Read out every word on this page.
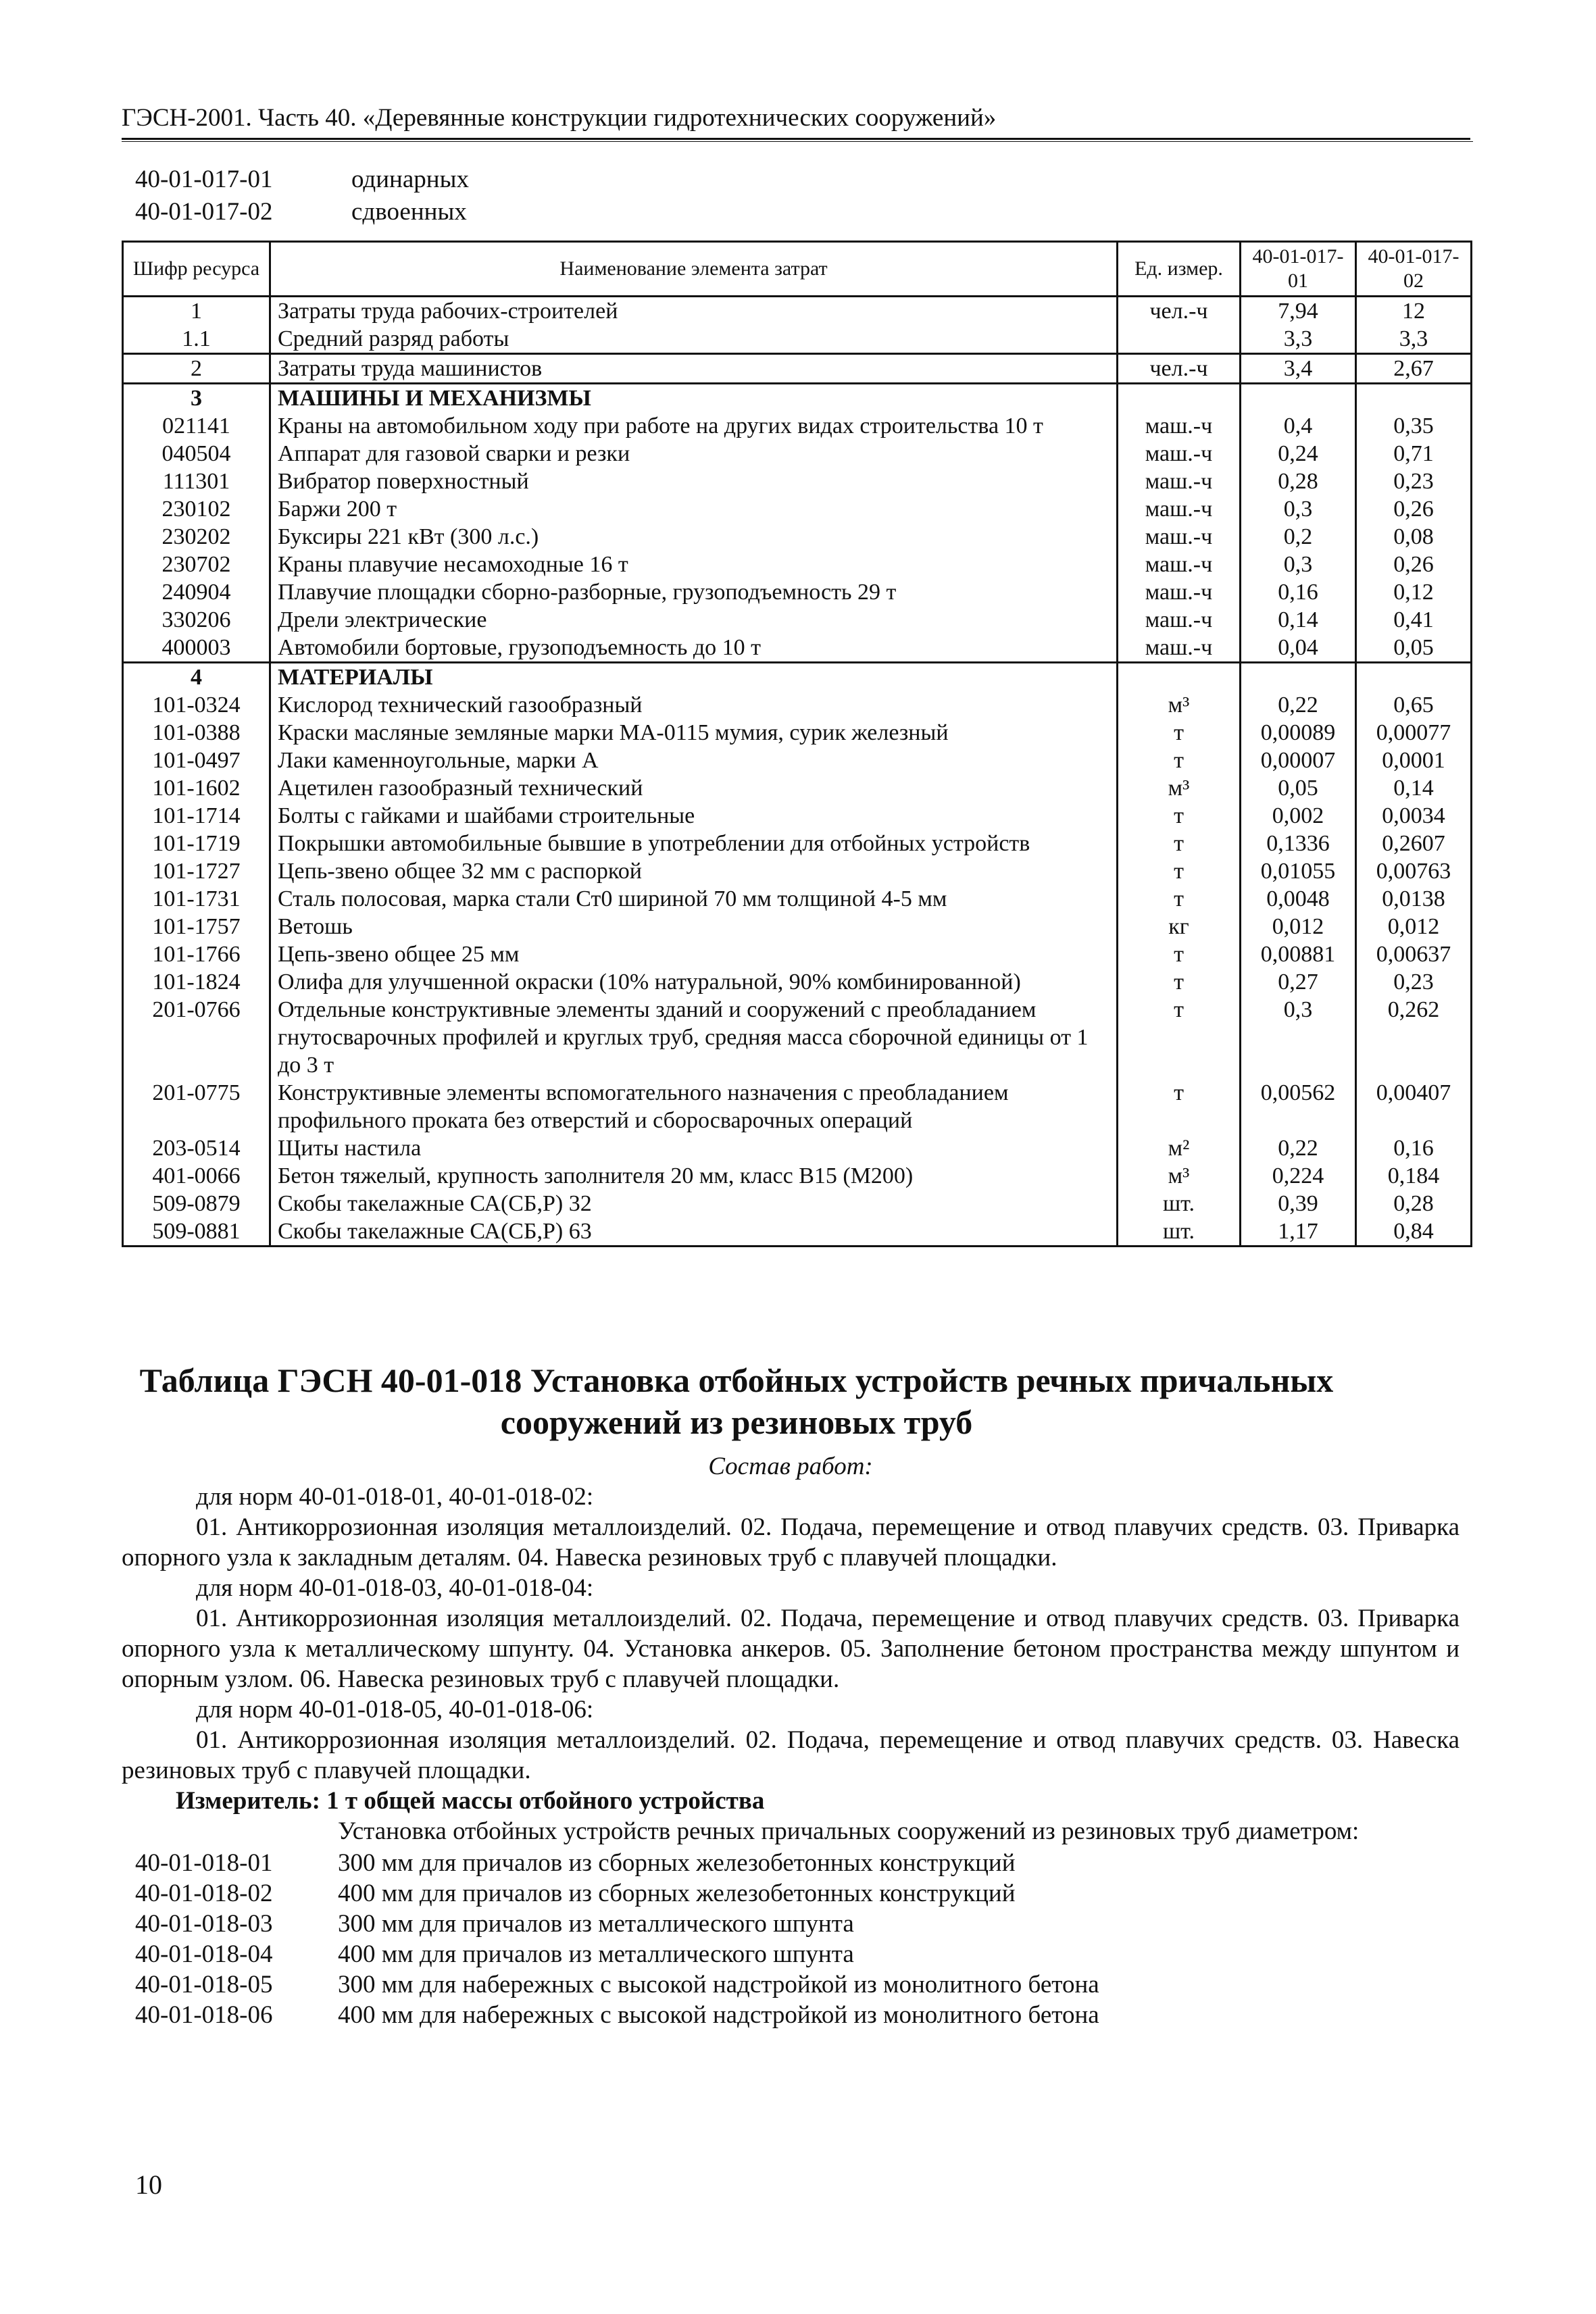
ГЭСН-2001. Часть 40. «Деревянные конструкции гидротехнических сооружений»
40-01-017-01	одинарных
40-01-017-02	сдвоенных
Шифр ресурса	Наименование элемента затрат	Ед. измер.	40-01-017-01	40-01-017-02
1	Затраты труда рабочих-строителей	чел.-ч	7,94	12
1.1	Средний разряд работы		3,3	3,3
2	Затраты труда машинистов	чел.-ч	3,4	2,67
3	МАШИНЫ И МЕХАНИЗМЫ			
021141	Краны на автомобильном ходу при работе на других видах строительства 10 т	маш.-ч	0,4	0,35
040504	Аппарат для газовой сварки и резки	маш.-ч	0,24	0,71
111301	Вибратор поверхностный	маш.-ч	0,28	0,23
230102	Баржи 200 т	маш.-ч	0,3	0,26
230202	Буксиры 221 кВт (300 л.с.)	маш.-ч	0,2	0,08
230702	Краны плавучие несамоходные 16 т	маш.-ч	0,3	0,26
240904	Плавучие площадки сборно-разборные, грузоподъемность 29 т	маш.-ч	0,16	0,12
330206	Дрели электрические	маш.-ч	0,14	0,41
400003	Автомобили бортовые, грузоподъемность до 10 т	маш.-ч	0,04	0,05
4	МАТЕРИАЛЫ			
101-0324	Кислород технический газообразный	м³	0,22	0,65
101-0388	Краски масляные земляные марки МА-0115 мумия, сурик железный	т	0,00089	0,00077
101-0497	Лаки каменноугольные, марки А	т	0,00007	0,0001
101-1602	Ацетилен газообразный технический	м³	0,05	0,14
101-1714	Болты с гайками и шайбами строительные	т	0,002	0,0034
101-1719	Покрышки автомобильные бывшие в употреблении для отбойных устройств	т	0,1336	0,2607
101-1727	Цепь-звено общее 32 мм с распоркой	т	0,01055	0,00763
101-1731	Сталь полосовая, марка стали Ст0 шириной 70 мм толщиной 4-5 мм	т	0,0048	0,0138
101-1757	Ветошь	кг	0,012	0,012
101-1766	Цепь-звено общее 25 мм	т	0,00881	0,00637
101-1824	Олифа для улучшенной окраски (10% натуральной, 90% комбинированной)	т	0,27	0,23
201-0766	Отдельные конструктивные элементы зданий и сооружений с преобладанием гнутосварочных профилей и круглых труб, средняя масса сборочной единицы от 1 до 3 т	т	0,3	0,262
201-0775	Конструктивные элементы вспомогательного назначения с преобладанием профильного проката без отверстий и сборосварочных операций	т	0,00562	0,00407
203-0514	Щиты настила	м²	0,22	0,16
401-0066	Бетон тяжелый, крупность заполнителя 20 мм, класс В15 (М200)	м³	0,224	0,184
509-0879	Скобы такелажные СА(СБ,Р) 32	шт.	0,39	0,28
509-0881	Скобы такелажные СА(СБ,Р) 63	шт.	1,17	0,84
Таблица ГЭСН 40-01-018 Установка отбойных устройств речных причальных сооружений из резиновых труб

Состав работ:

для норм 40-01-018-01, 40-01-018-02:

01. Антикоррозионная изоляция металлоизделий. 02. Подача, перемещение и отвод плавучих средств. 03. Приварка опорного узла к закладным деталям. 04. Навеска резиновых труб с плавучей площадки.

для норм 40-01-018-03, 40-01-018-04:

01. Антикоррозионная изоляция металлоизделий. 02. Подача, перемещение и отвод плавучих средств. 03. Приварка опорного узла к металлическому шпунту. 04. Установка анкеров. 05. Заполнение бетоном пространства между шпунтом и опорным узлом. 06. Навеска резиновых труб с плавучей площадки.

для норм 40-01-018-05, 40-01-018-06:

01. Антикоррозионная изоляция металлоизделий. 02. Подача, перемещение и отвод плавучих средств. 03. Навеска резиновых труб с плавучей площадки.

Измеритель: 1 т общей массы отбойного устройства

Установка отбойных устройств речных причальных сооружений из резиновых труб диаметром:

40-01-018-01	300 мм для причалов из сборных железобетонных конструкций
40-01-018-02	400 мм для причалов из сборных железобетонных конструкций
40-01-018-03	300 мм для причалов из металлического шпунта
40-01-018-04	400 мм для причалов из металлического шпунта
40-01-018-05	300 мм для набережных с высокой надстройкой из монолитного бетона
40-01-018-06	400 мм для набережных с высокой надстройкой из монолитного бетона
10
